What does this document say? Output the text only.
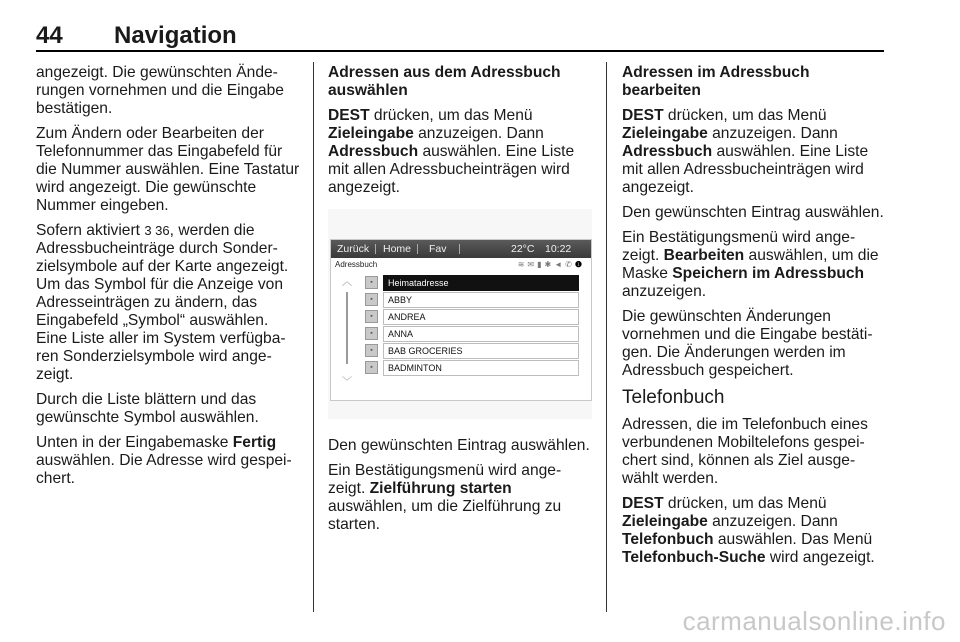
44 Navigation

angezeigt. Die gewünschten Änderungen vornehmen und die Eingabe bestätigen.

Zum Ändern oder Bearbeiten der Telefonnummer das Eingabefeld für die Nummer auswählen. Eine Tastatur wird angezeigt. Die gewünschte Nummer eingeben.

Sofern aktiviert 3 36, werden die Adressbucheinträge durch Sonderzielsymbole auf der Karte angezeigt. Um das Symbol für die Anzeige von Adresseinträgen zu ändern, das Eingabefeld „Symbol“ auswählen. Eine Liste aller im System verfügbaren Sonderzielsymbole wird angezeigt.

Durch die Liste blättern und das gewünschte Symbol auswählen.

Unten in der Eingabemaske Fertig auswählen. Die Adresse wird gespeichert.

Adressen aus dem Adressbuch auswählen

DEST drücken, um das Menü Zieleingabe anzuzeigen. Dann Adressbuch auswählen. Eine Liste mit allen Adressbucheinträgen wird angezeigt.

Zurück Home Fav	22°C 10:22
Adressbuch	≋✉▮✱◄✆❶
︿
﹀
▪	Heimatadresse
▪	ABBY
▪	ANDREA
▪	ANNA
▪	BAB GROCERIES
▪	BADMINTON

Den gewünschten Eintrag auswählen.

Ein Bestätigungsmenü wird angezeigt. Zielführung starten auswählen, um die Zielführung zu starten.

Adressen im Adressbuch bearbeiten

DEST drücken, um das Menü Zieleingabe anzuzeigen. Dann Adressbuch auswählen. Eine Liste mit allen Adressbucheinträgen wird angezeigt.

Den gewünschten Eintrag auswählen.

Ein Bestätigungsmenü wird angezeigt. Bearbeiten auswählen, um die Maske Speichern im Adressbuch anzuzeigen.

Die gewünschten Änderungen vornehmen und die Eingabe bestätigen. Die Änderungen werden im Adressbuch gespeichert.

Telefonbuch

Adressen, die im Telefonbuch eines verbundenen Mobiltelefons gespeichert sind, können als Ziel ausgewählt werden.

DEST drücken, um das Menü Zieleingabe anzuzeigen. Dann Telefonbuch auswählen. Das Menü Telefonbuch-Suche wird angezeigt.

carmanualsonline.info
